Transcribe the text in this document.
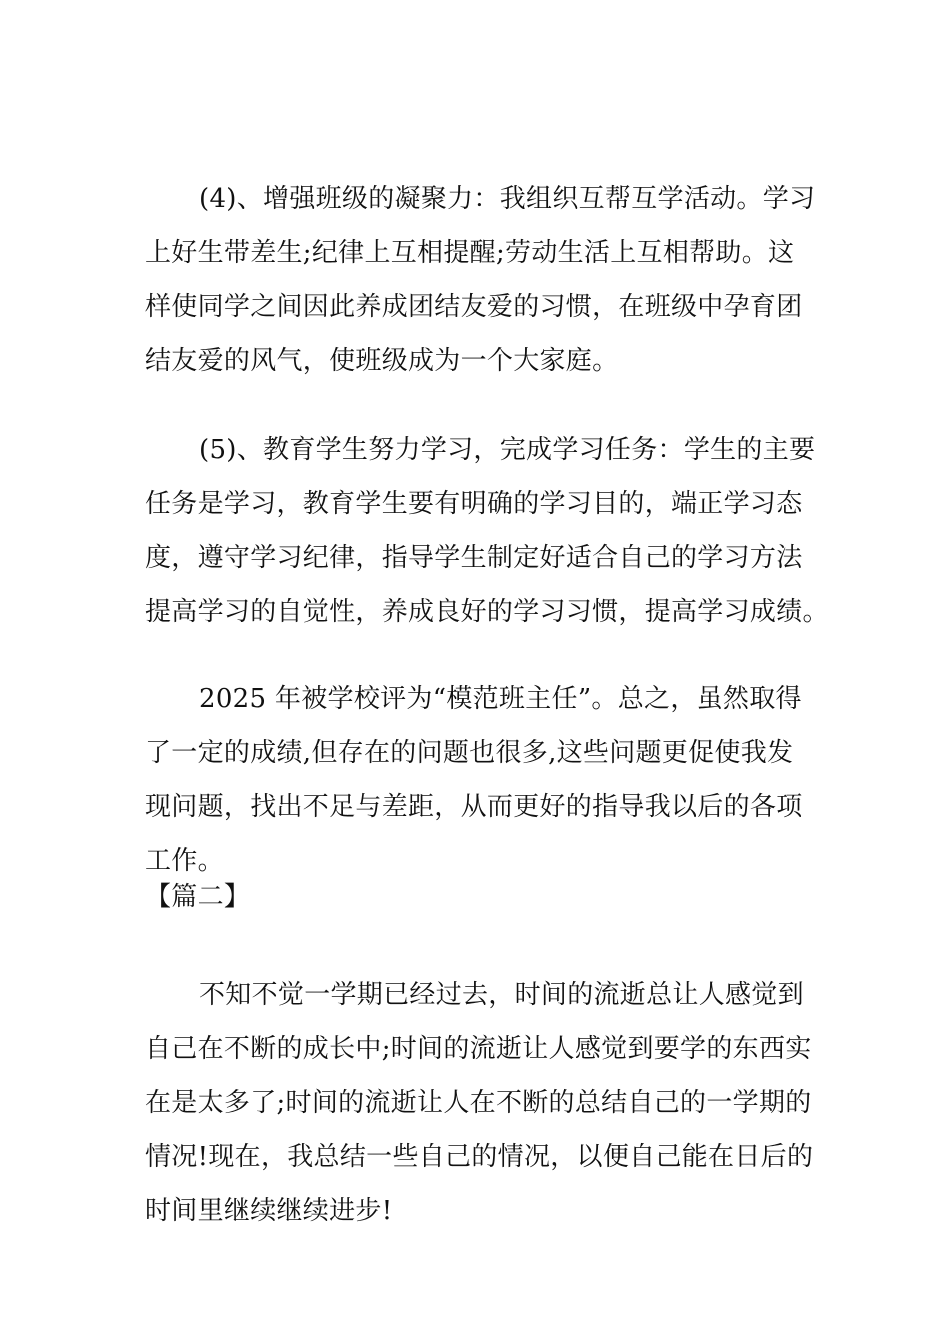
(4)、增强班级的凝聚力：我组织互帮互学活动。学习
上好生带差生;纪律上互相提醒;劳动生活上互相帮助。这
样使同学之间因此养成团结友爱的习惯，在班级中孕育团
结友爱的风气，使班级成为一个大家庭。
(5)、教育学生努力学习，完成学习任务：学生的主要
任务是学习，教育学生要有明确的学习目的，端正学习态
度，遵守学习纪律，指导学生制定好适合自己的学习方法
提高学习的自觉性，养成良好的学习习惯，提高学习成绩。
2025 年被学校评为“模范班主任”。总之，虽然取得
了一定的成绩,但存在的问题也很多,这些问题更促使我发
现问题，找出不足与差距，从而更好的指导我以后的各项
工作。
【篇二】
不知不觉一学期已经过去，时间的流逝总让人感觉到
自己在不断的成长中;时间的流逝让人感觉到要学的东西实
在是太多了;时间的流逝让人在不断的总结自己的一学期的
情况!现在，我总结一些自己的情况，以便自己能在日后的
时间里继续继续进步!
